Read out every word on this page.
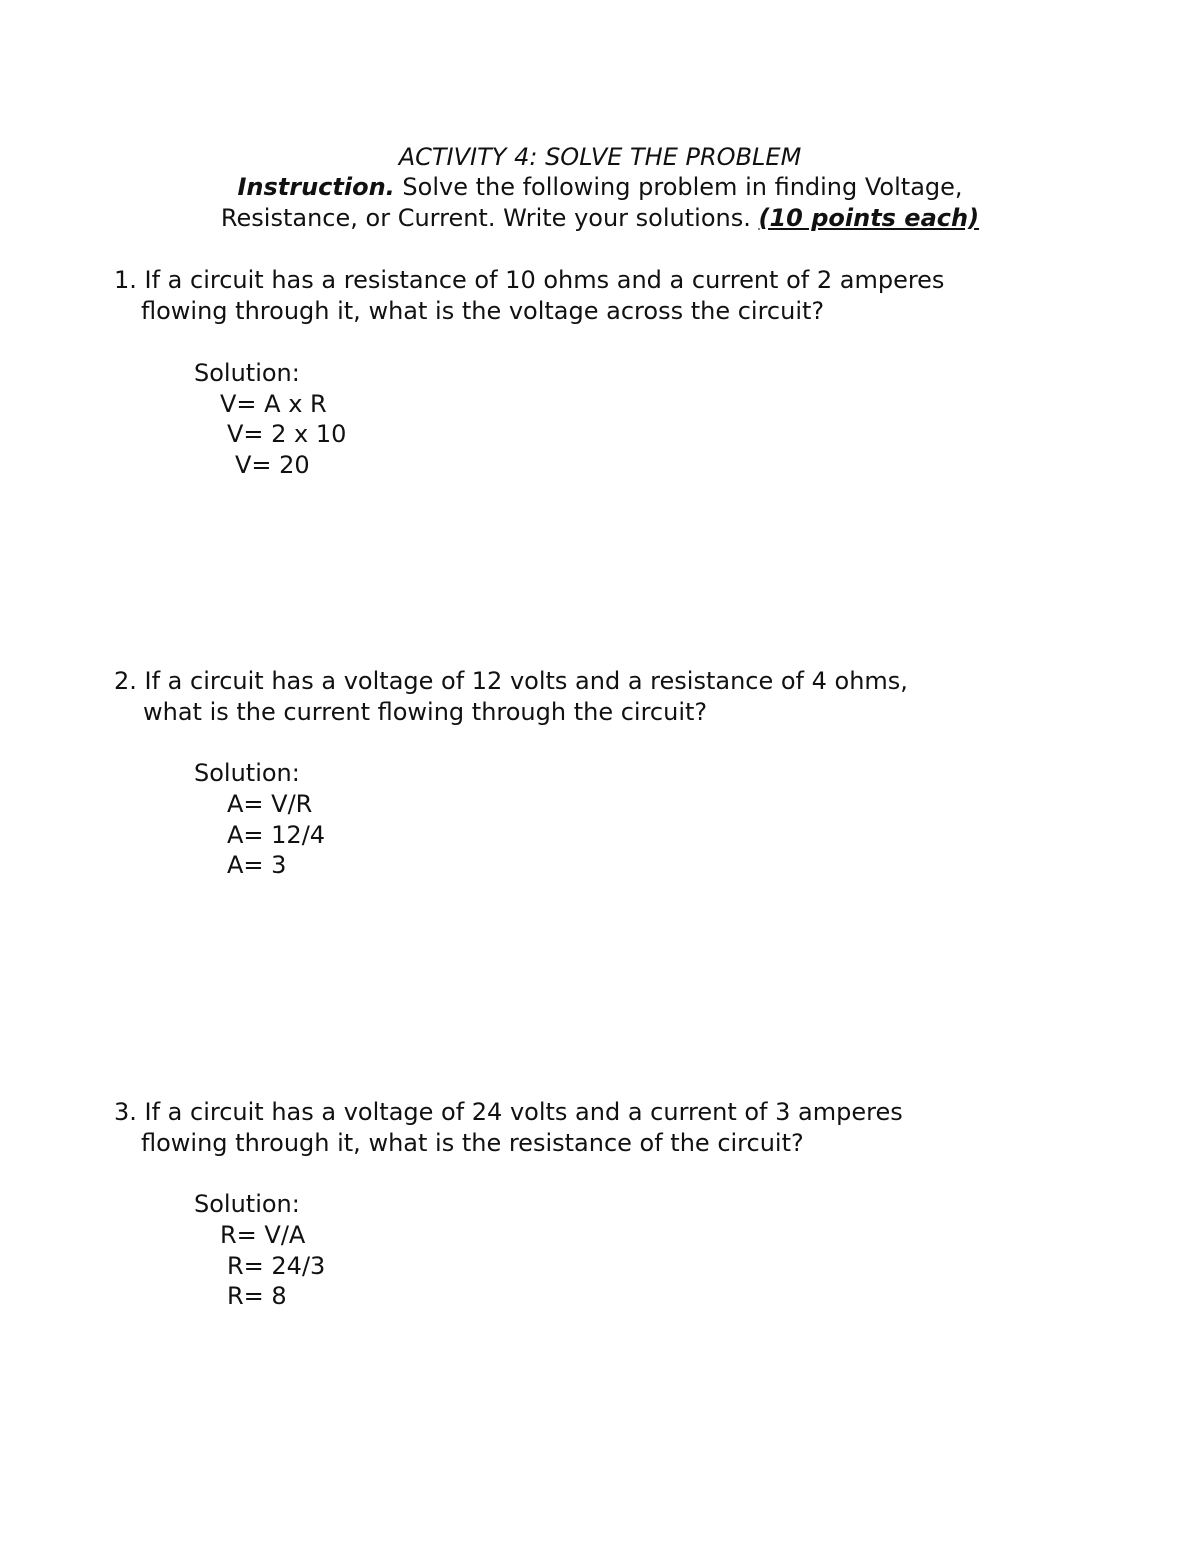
ACTIVITY 4: SOLVE THE PROBLEM
Instruction. Solve the following problem in finding Voltage,
Resistance, or Current. Write your solutions. (10 points each)
1. If a circuit has a resistance of 10 ohms and a current of 2 amperes
flowing through it, what is the voltage across the circuit?
Solution:
V= A x R
V= 2 x 10
V= 20
2. If a circuit has a voltage of 12 volts and a resistance of 4 ohms,
what is the current flowing through the circuit?
Solution:
A= V/R
A= 12/4
A= 3
3. If a circuit has a voltage of 24 volts and a current of 3 amperes
flowing through it, what is the resistance of the circuit?
Solution:
R= V/A
R= 24/3
R= 8
